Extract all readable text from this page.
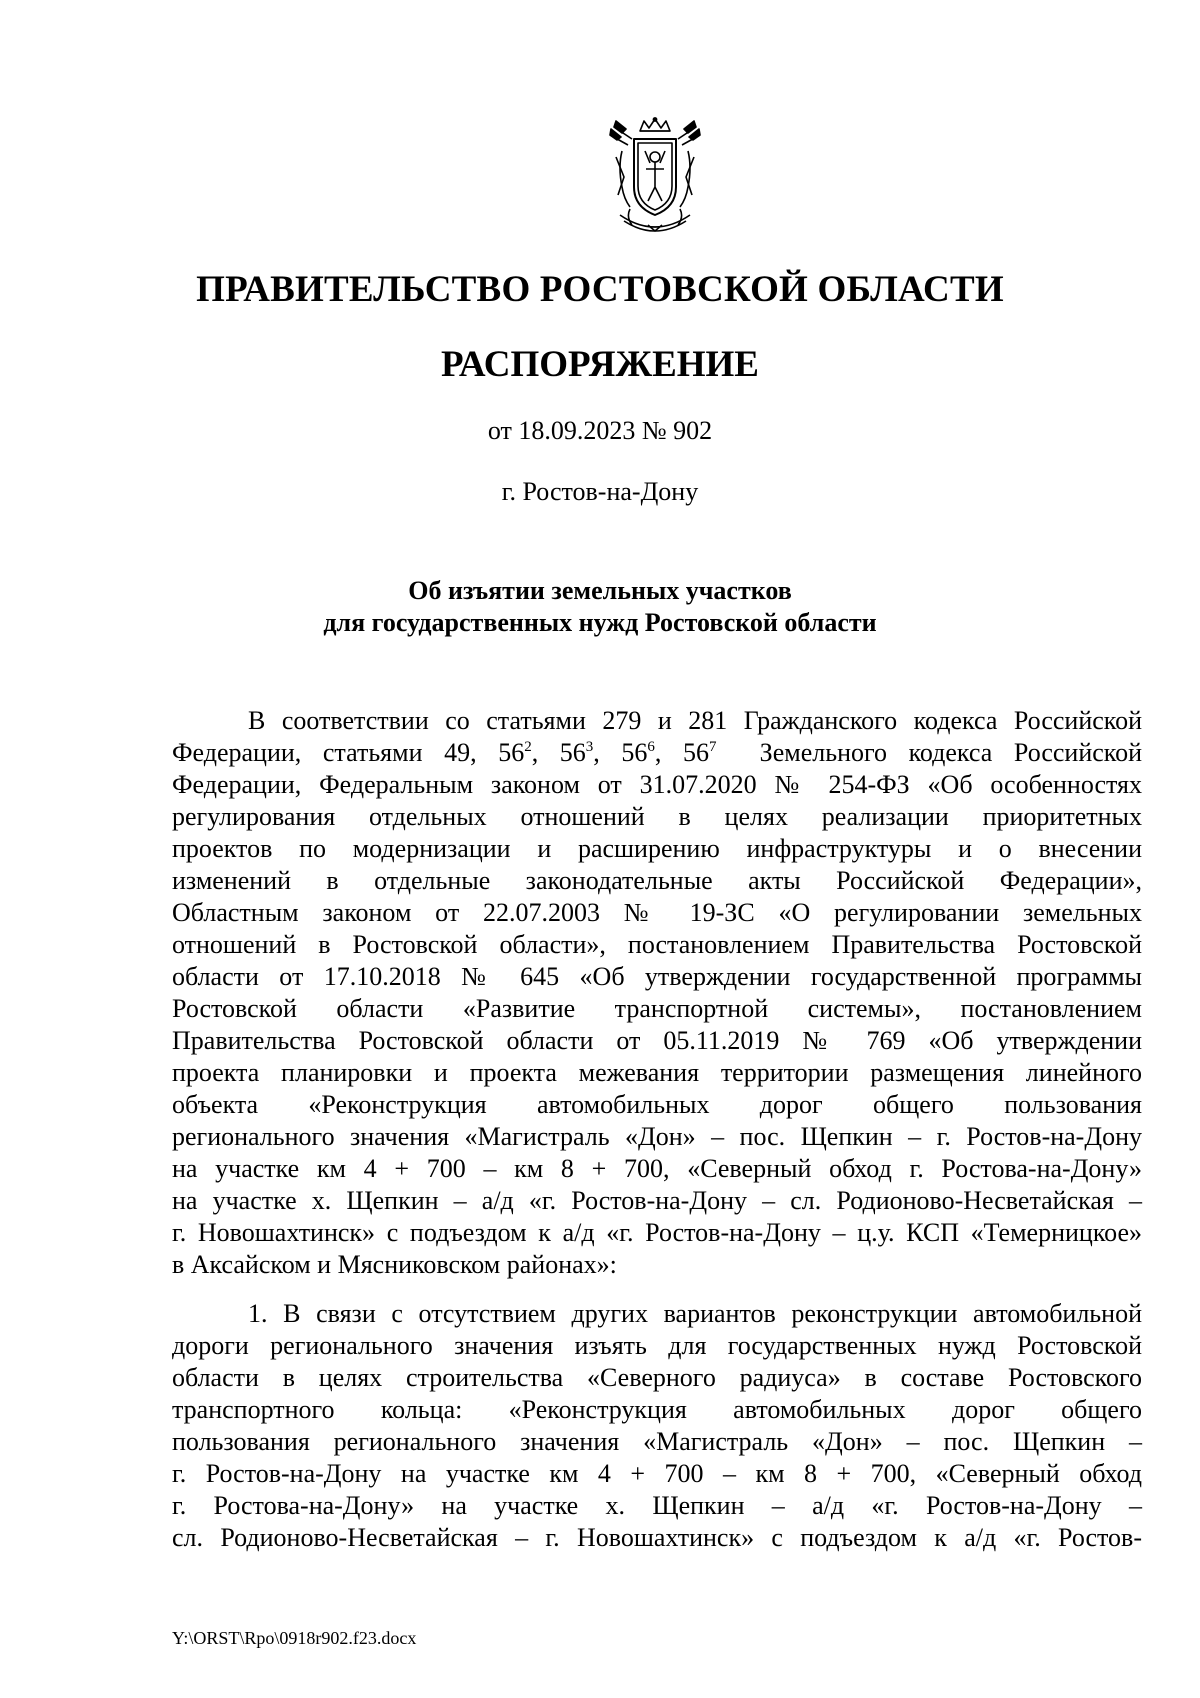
ПРАВИТЕЛЬСТВО РОСТОВСКОЙ ОБЛАСТИ
РАСПОРЯЖЕНИЕ
от 18.09.2023 № 902
г. Ростов-на-Дону
Об изъятии земельных участков
для государственных нужд Ростовской области
В соответствии со статьями 279 и 281 Гражданского кодекса Российской
Федерации, статьями 49, $56^2$, $56^3$, $56^6$, $56^7$ Земельного кодекса Российской
Федерации, Федеральным законом от 31.07.2020 № 254-ФЗ «Об особенностях
регулирования отдельных отношений в целях реализации приоритетных
проектов по модернизации и расширению инфраструктуры и о внесении
изменений в отдельные законодательные акты Российской Федерации»,
Областным законом от 22.07.2003 № 19-ЗС «О регулировании земельных
отношений в Ростовской области», постановлением Правительства Ростовской
области от 17.10.2018 № 645 «Об утверждении государственной программы
Ростовской области «Развитие транспортной системы», постановлением
Правительства Ростовской области от 05.11.2019 № 769 «Об утверждении
проекта планировки и проекта межевания территории размещения линейного
объекта «Реконструкция автомобильных дорог общего пользования
регионального значения «Магистраль «Дон» – пос. Щепкин – г. Ростов-на-Дону
на участке км 4 + 700 – км 8 + 700, «Северный обход г. Ростова-на-Дону»
на участке х. Щепкин – а/д «г. Ростов-на-Дону – сл. Родионово-Несветайская –
г. Новошахтинск» с подъездом к а/д «г. Ростов-на-Дону – ц.у. КСП «Темерницкое»
в Аксайском и Мясниковском районах»:
1. В связи с отсутствием других вариантов реконструкции автомобильной
дороги регионального значения изъять для государственных нужд Ростовской
области в целях строительства «Северного радиуса» в составе Ростовского
транспортного кольца: «Реконструкция автомобильных дорог общего
пользования регионального значения «Магистраль «Дон» – пос. Щепкин –
г. Ростов-на-Дону на участке км 4 + 700 – км 8 + 700, «Северный обход
г. Ростова-на-Дону» на участке х. Щепкин – а/д «г. Ростов-на-Дону –
сл. Родионово-Несветайская – г. Новошахтинск» с подъездом к а/д «г. Ростов-
Y:\ORST\Rpo\0918r902.f23.docx
